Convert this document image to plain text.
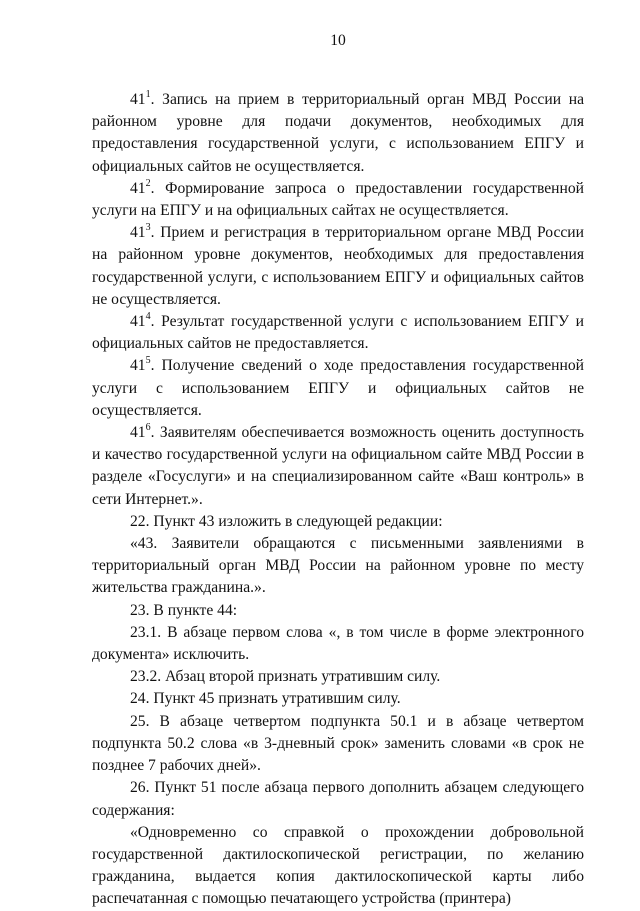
10

$41^1$. Запись на прием в территориальный орган МВД России на районном уровне для подачи документов, необходимых для предоставления государственной услуги, с использованием ЕПГУ и официальных сайтов не осуществляется.

$41^2$. Формирование запроса о предоставлении государственной услуги на ЕПГУ и на официальных сайтах не осуществляется.

$41^3$. Прием и регистрация в территориальном органе МВД России на районном уровне документов, необходимых для предоставления государственной услуги, с использованием ЕПГУ и официальных сайтов не осуществляется.

$41^4$. Результат государственной услуги с использованием ЕПГУ и официальных сайтов не предоставляется.

$41^5$. Получение сведений о ходе предоставления государственной услуги с использованием ЕПГУ и официальных сайтов не осуществляется.

$41^6$. Заявителям обеспечивается возможность оценить доступность и качество государственной услуги на официальном сайте МВД России в разделе «Госуслуги» и на специализированном сайте «Ваш контроль» в сети Интернет.».

22. Пункт 43 изложить в следующей редакции:

«43. Заявители обращаются с письменными заявлениями в территориальный орган МВД России на районном уровне по месту жительства гражданина.».

23. В пункте 44:

23.1. В абзаце первом слова «, в том числе в форме электронного документа» исключить.

23.2. Абзац второй признать утратившим силу.

24. Пункт 45 признать утратившим силу.

25. В абзаце четвертом подпункта 50.1 и в абзаце четвертом подпункта 50.2 слова «в 3-дневный срок» заменить словами «в срок не позднее 7 рабочих дней».

26. Пункт 51 после абзаца первого дополнить абзацем следующего содержания:

«Одновременно со справкой о прохождении добровольной государственной дактилоскопической регистрации, по желанию гражданина, выдается копия дактилоскопической карты либо распечатанная с помощью печатающего устройства (принтера)
